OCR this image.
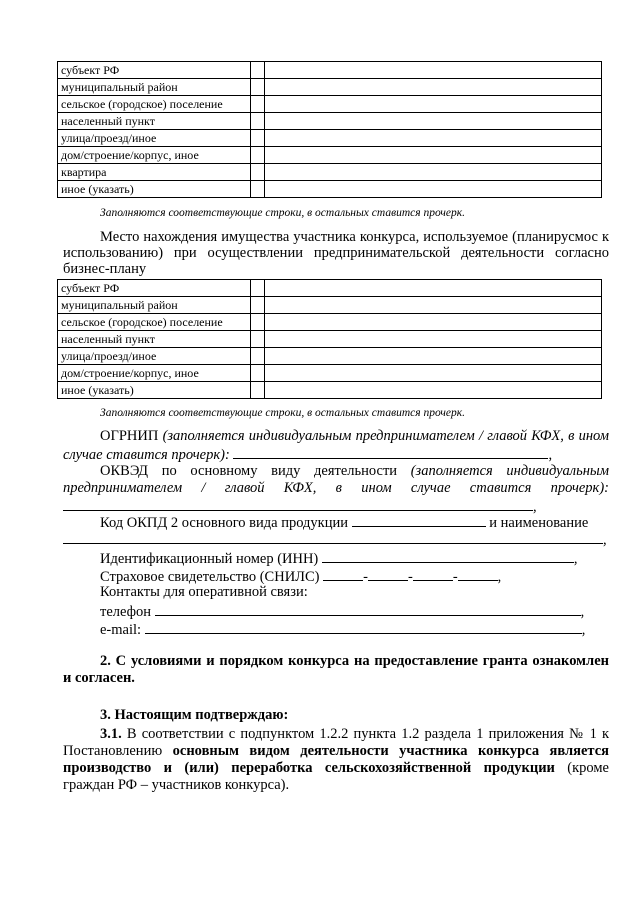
субъект РФ		
муниципальный район		
сельское (городское) поселение		
населенный пункт		
улица/проезд/иное		
дом/строение/корпус, иное		
квартира		
иное (указать)		
Заполняются соответствующие строки, в остальных ставится прочерк.
Место нахождения имущества участника конкурса, используемое (планирусмос к использованию) при осуществлении предпринимательской деятельности согласно бизнес-плану
субъект РФ		
муниципальный район		
сельское (городское) поселение		
населенный пункт		
улица/проезд/иное		
дом/строение/корпус, иное		
иное (указать)		
Заполняются соответствующие строки, в остальных ставится прочерк.
ОГРНИП (заполняется индивидуальным предпринимателем / главой КФХ, в ином случае ставится прочерк):	,
ОКВЭД по основному виду деятельности (заполняется индивидуальным предпринимателем / главой КФХ, в ином случае ставится прочерк): ,
Код ОКПД 2 основного вида продукции	и наименование
,
Идентификационный номер (ИНН)	,
Страховое свидетельство (СНИЛС)	-	-	-	,
Контакты для оперативной связи:
телефон	,
e-mail:	,
2. С условиями и порядком конкурса на предоставление гранта ознакомлен и согласен.
3. Настоящим подтверждаю:
3.1. В соответствии с подпунктом 1.2.2 пункта 1.2 раздела 1 приложения № 1 к Постановлению основным видом деятельности участника конкурса является производство и (или) переработка сельскохозяйственной продукции (кроме граждан РФ – участников конкурса).
